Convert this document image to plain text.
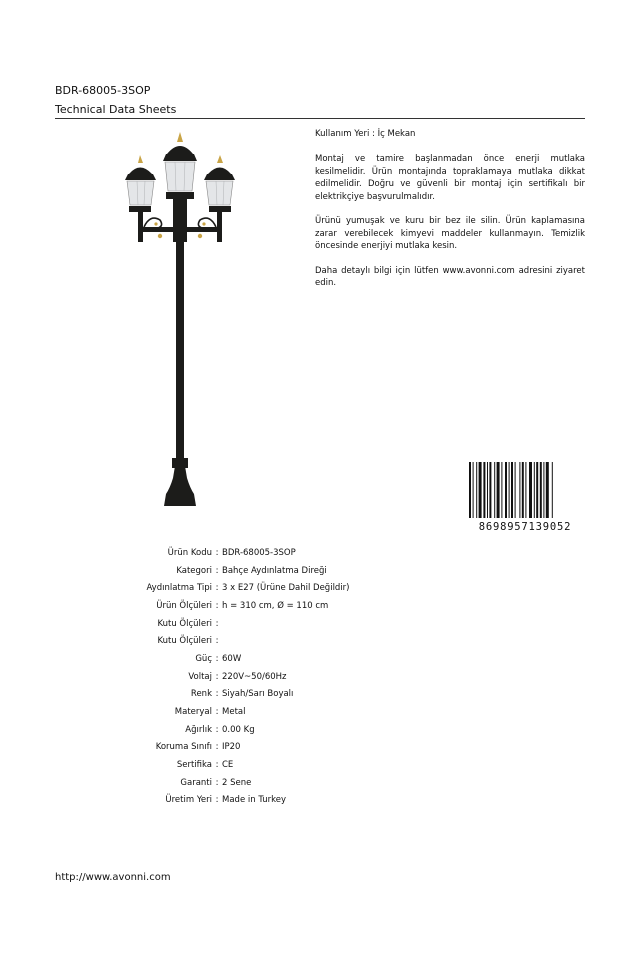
BDR-68005-3SOP
Technical Data Sheets
Kullanım Yeri : İç Mekan

Montaj ve tamire başlanmadan önce enerji mutlaka kesilmelidir. Ürün montajında topraklamaya mutlaka dikkat edilmelidir. Doğru ve güvenli bir montaj için sertifikalı bir elektrikçiye başvurulmalıdır.

Ürünü yumuşak ve kuru bir bez ile silin. Ürün kaplamasına zarar verebilecek kimyevi maddeler kullanmayın. Temizlik öncesinde enerjiyi mutlaka kesin.

Daha detaylı bilgi için lütfen www.avonni.com adresini ziyaret edin.

8698957139052
Ürün Kodu : BDR-68005-3SOP
Kategori : Bahçe Aydınlatma Direği
Aydınlatma Tipi : 3 x E27 (Ürüne Dahil Değildir)
Ürün Ölçüleri : h = 310 cm, Ø = 110 cm
Kutu Ölçüleri :
Kutu Ölçüleri :
Güç : 60W
Voltaj : 220V~50/60Hz
Renk : Siyah/Sarı Boyalı
Materyal : Metal
Ağırlık : 0.00 Kg
Koruma Sınıfı : IP20
Sertifika : CE
Garanti : 2 Sene
Üretim Yeri : Made in Turkey
http://www.avonni.com
